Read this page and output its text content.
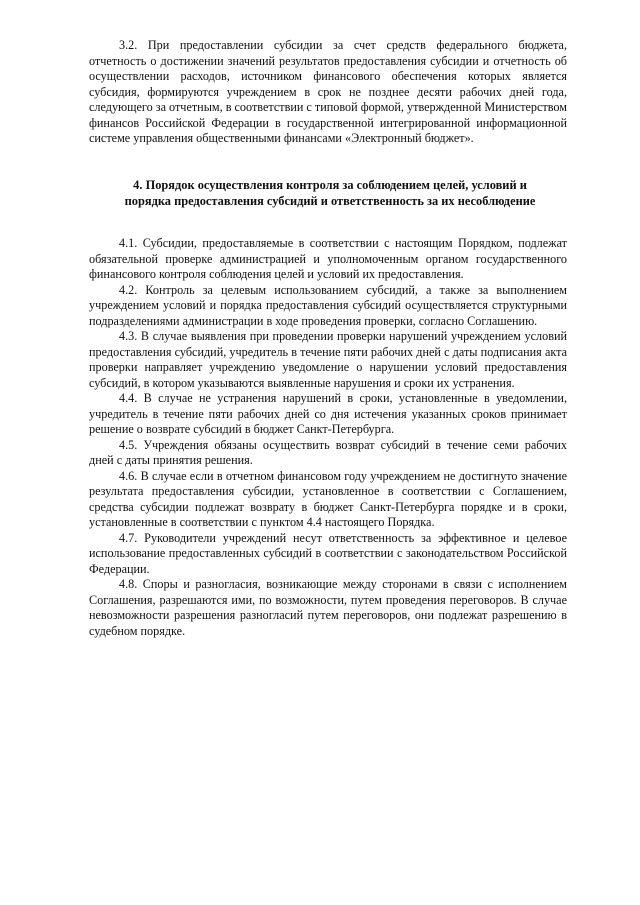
3.2. При предоставлении субсидии за счет средств федерального бюджета, отчетность о достижении значений результатов предоставления субсидии и отчетность об осуществлении расходов, источником финансового обеспечения которых является субсидия, формируются учреждением в срок не позднее десяти рабочих дней года, следующего за отчетным, в соответствии с типовой формой, утвержденной Министерством финансов Российской Федерации в государственной интегрированной информационной системе управления общественными финансами «Электронный бюджет».

4. Порядок осуществления контроля за соблюдением целей, условий и порядка предоставления субсидий и ответственность за их несоблюдение

4.1. Субсидии, предоставляемые в соответствии с настоящим Порядком, подлежат обязательной проверке администрацией и уполномоченным органом государственного финансового контроля соблюдения целей и условий их предоставления.

4.2. Контроль за целевым использованием субсидий, а также за выполнением учреждением условий и порядка предоставления субсидий осуществляется структурными подразделениями администрации в ходе проведения проверки, согласно Соглашению.

4.3. В случае выявления при проведении проверки нарушений учреждением условий предоставления субсидий, учредитель в течение пяти рабочих дней с даты подписания акта проверки направляет учреждению уведомление о нарушении условий предоставления субсидий, в котором указываются выявленные нарушения и сроки их устранения.

4.4. В случае не устранения нарушений в сроки, установленные в уведомлении, учредитель в течение пяти рабочих дней со дня истечения указанных сроков принимает решение о возврате субсидий в бюджет Санкт-Петербурга.

4.5. Учреждения обязаны осуществить возврат субсидий в течение семи рабочих дней с даты принятия решения.

4.6. В случае если в отчетном финансовом году учреждением не достигнуто значение результата предоставления субсидии, установленное в соответствии с Соглашением, средства субсидии подлежат возврату в бюджет Санкт-Петербурга порядке и в сроки, установленные в соответствии с пунктом 4.4 настоящего Порядка.

4.7. Руководители учреждений несут ответственность за эффективное и целевое использование предоставленных субсидий в соответствии с законодательством Российской Федерации.

4.8. Споры и разногласия, возникающие между сторонами в связи с исполнением Соглашения, разрешаются ими, по возможности, путем проведения переговоров. В случае невозможности разрешения разногласий путем переговоров, они подлежат разрешению в судебном порядке.
